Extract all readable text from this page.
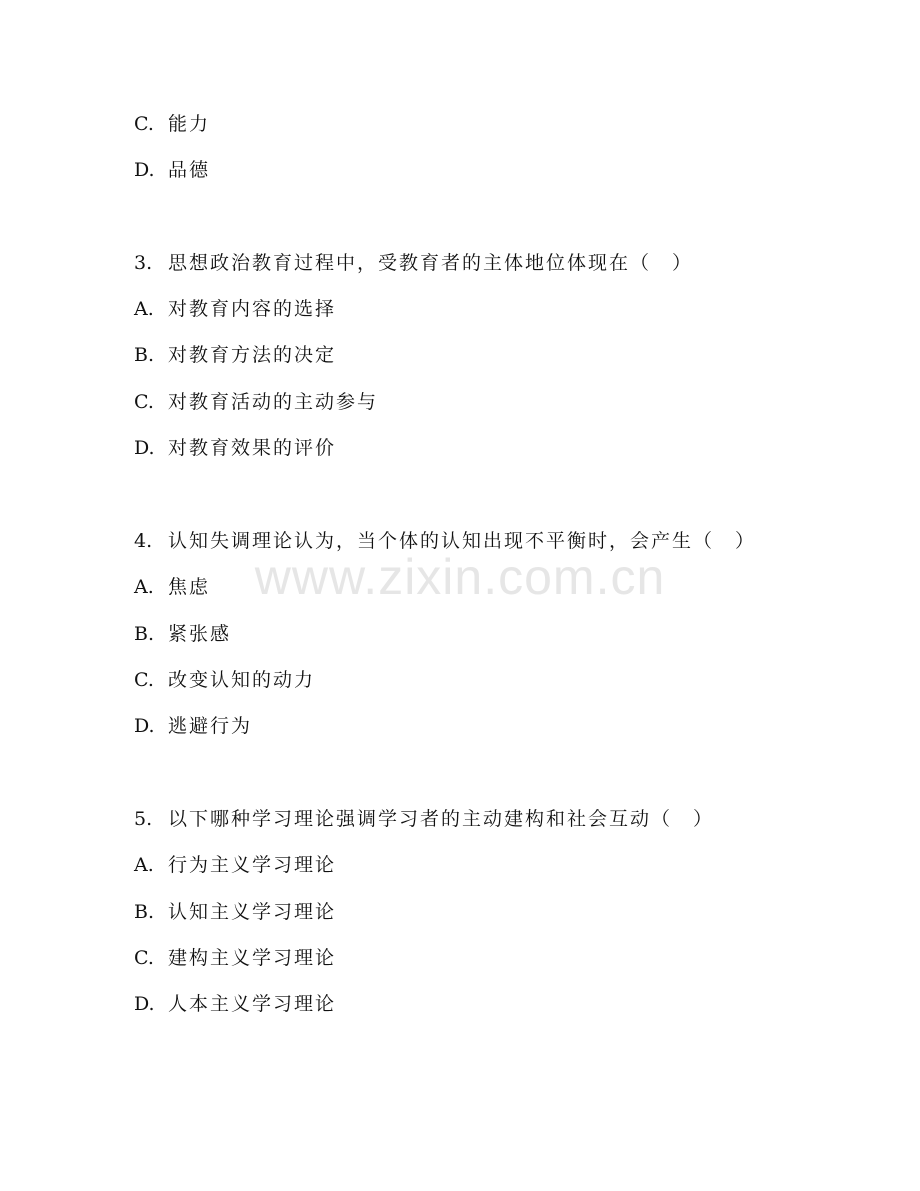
www.zixin.com.cn
C. 能力
D. 品德
3. 思想政治教育过程中，受教育者的主体地位体现在（　）
A. 对教育内容的选择
B. 对教育方法的决定
C. 对教育活动的主动参与
D. 对教育效果的评价
4. 认知失调理论认为，当个体的认知出现不平衡时，会产生（　）
A. 焦虑
B. 紧张感
C. 改变认知的动力
D. 逃避行为
5. 以下哪种学习理论强调学习者的主动建构和社会互动（　）
A. 行为主义学习理论
B. 认知主义学习理论
C. 建构主义学习理论
D. 人本主义学习理论
